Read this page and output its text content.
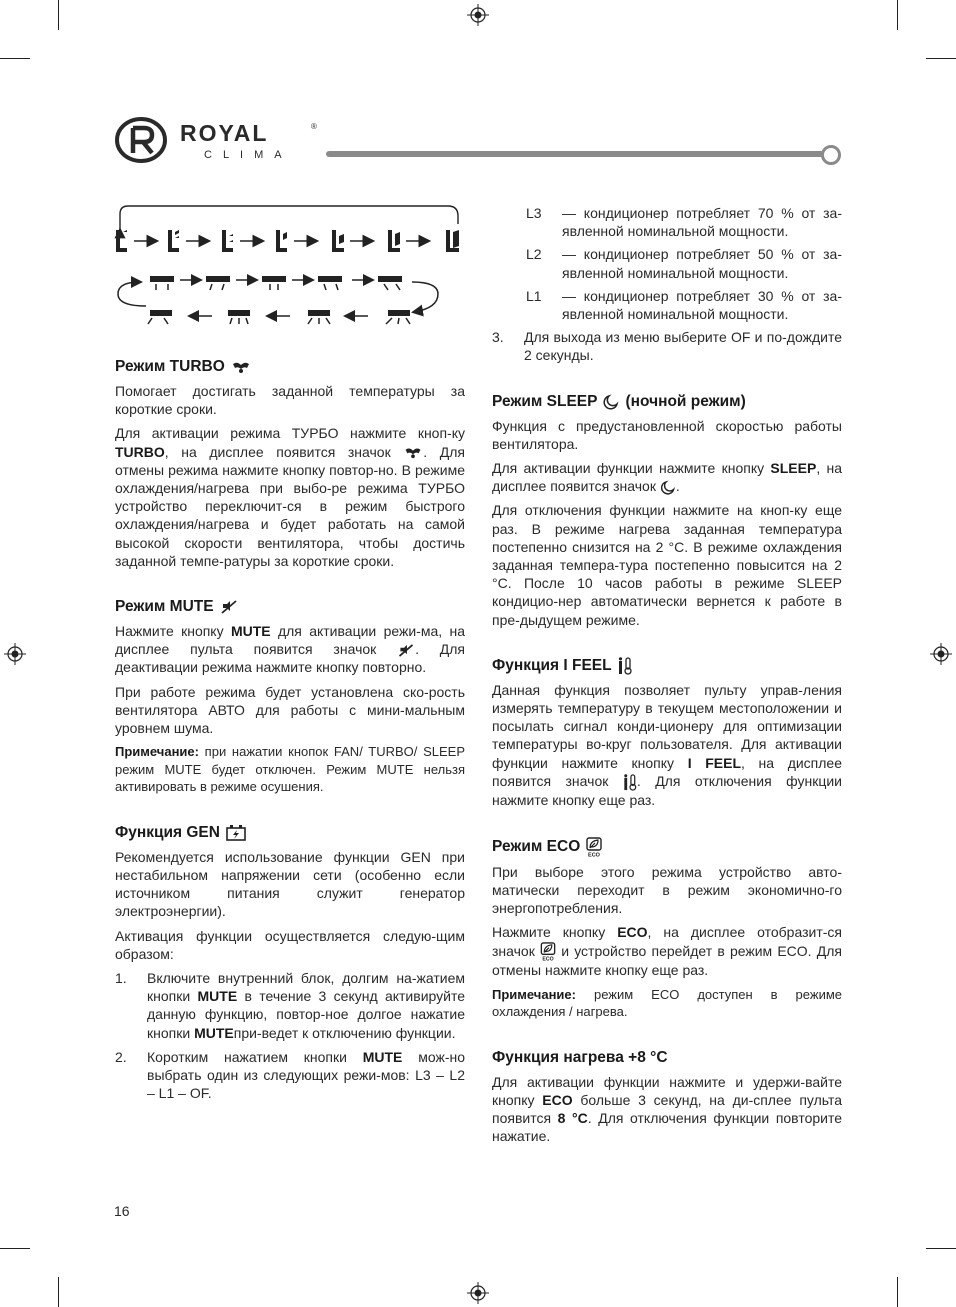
ROYAL	®
CLIMA
Режим TURBO

Помогает достигать заданной температуры за короткие сроки.

Для активации режима ТУРБО нажмите кноп-ку TURBO, на дисплее появится значок . Для отмены режима нажмите кнопку повтор-но. В режиме охлаждения/нагрева при выбо-ре режима ТУРБО устройство переключит-ся в режим быстрого охлаждения/нагрева и будет работать на самой высокой скорости вентилятора, чтобы достичь заданной темпе-ратуры за короткие сроки.

Режим MUTE

Нажмите кнопку MUTE для активации режи-ма, на дисплее пульта появится значок . Для деактивации режима нажмите кнопку повторно.

При работе режима будет установлена ско-рость вентилятора АВТО для работы с мини-мальным уровнем шума.

Примечание: при нажатии кнопок FAN/ TURBO/ SLEEP режим MUTE будет отключен. Режим MUTE нельзя активировать в режиме осушения.

Функция GEN

Рекомендуется использование функции GEN при нестабильном напряжении сети (особенно если источником питания служит генератор электроэнергии).

Активация функции осуществляется следую-щим образом:

1.	Включите внутренний блок, долгим на-жатием кнопки MUTE в течение 3 секунд активируйте данную функцию, повтор-ное долгое нажатие кнопки MUTEпри-ведет к отключению функции.
2.	Коротким нажатием кнопки MUTE мож-но выбрать один из следующих режи-мов: L3 – L2 – L1 – OF.
L3	— кондиционер потребляет 70 % от за-явленной номинальной мощности.
L2	— кондиционер потребляет 50 % от за-явленной номинальной мощности.
L1	— кондиционер потребляет 30 % от за-явленной номинальной мощности.
3.	Для выхода из меню выберите OF и по-дождите 2 секунды.
Режим SLEEP (ночной режим)

Функция с предустановленной скоростью работы вентилятора.

Для активации функции нажмите кнопку SLEEP, на дисплее появится значок .

Для отключения функции нажмите на кноп-ку еще раз. В режиме нагрева заданная температура постепенно снизится на 2 °C. В режиме охлаждения заданная темпера-тура постепенно повысится на 2 °C. После 10 часов работы в режиме SLEEP кондицио-нер автоматически вернется к работе в пре-дыдущем режиме.

Функция I FEEL

Данная функция позволяет пульту управ-ления измерять температуру в текущем местоположении и посылать сигнал конди-ционеру для оптимизации температуры во-круг пользователя. Для активации функции нажмите кнопку I FEEL, на дисплее появится значок . Для отключения функции нажмите кнопку еще раз.

Режим ECO
ECO

При выборе этого режима устройство авто-матически переходит в режим экономично-го энергопотребления.

Нажмите кнопку ECO, на дисплее отобразит-ся значок
ECO
и устройство перейдет в режим ECO. Для отмены нажмите кнопку еще раз.

Примечание: режим ECO доступен в режиме охлаждения / нагрева.

Функция нагрева +8 °C

Для активации функции нажмите и удержи-вайте кнопку ECO больше 3 секунд, на ди-сплее пульта появится 8 °C. Для отключения функции повторите нажатие.

16
